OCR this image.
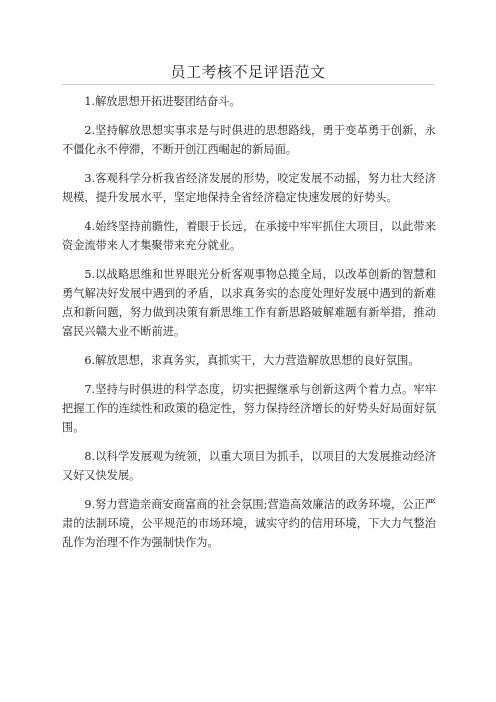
员工考核不足评语范文

1.解放思想开拓进娶团结奋斗。

2.坚持解放思想实事求是与时俱进的思想路线，勇于变革勇于创新，永不僵化永不停滞，不断开创江西崛起的新局面。

3.客观科学分析我省经济发展的形势，咬定发展不动摇，努力壮大经济规模，提升发展水平，坚定地保持全省经济稳定快速发展的好势头。

4.始终坚持前瞻性，着眼于长远，在承接中牢牢抓住大项目，以此带来资金流带来人才集聚带来充分就业。

5.以战略思维和世界眼光分析客观事物总揽全局，以改革创新的智慧和勇气解决好发展中遇到的矛盾，以求真务实的态度处理好发展中遇到的新难点和新问题，努力做到决策有新思维工作有新思路破解难题有新举措，推动富民兴赣大业不断前进。

6.解放思想，求真务实，真抓实干，大力营造解放思想的良好氛围。

7.坚持与时俱进的科学态度，切实把握继承与创新这两个着力点。牢牢把握工作的连续性和政策的稳定性，努力保持经济增长的好势头好局面好氛围。

8.以科学发展观为统领，以重大项目为抓手，以项目的大发展推动经济又好又快发展。

9.努力营造亲商安商富商的社会氛围;营造高效廉洁的政务环境，公正严肃的法制环境，公平规范的市场环境，诚实守约的信用环境，下大力气整治乱作为治理不作为强制快作为。
